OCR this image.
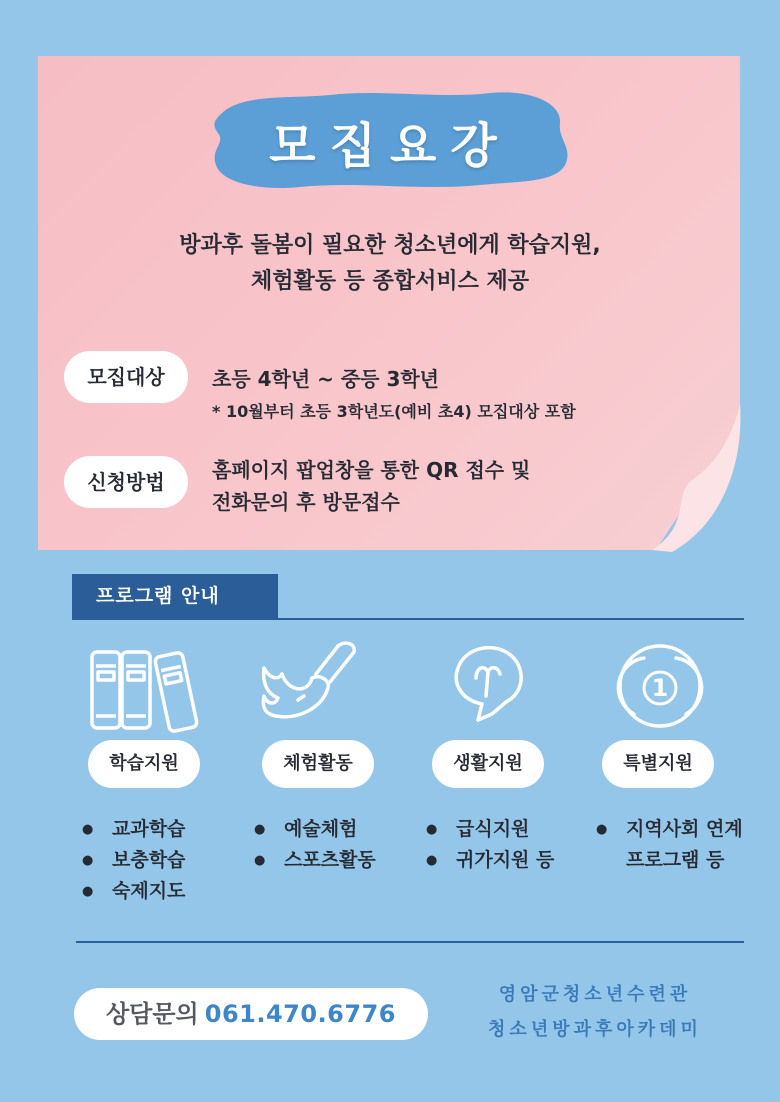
모집요강
방과후 돌봄이 필요한 청소년에게 학습지원,
체험활동 등 종합서비스 제공
모집대상	초등 4학년 ~ 중등 3학년
* 10월부터 초등 3학년도(예비 초4) 모집대상 포함
신청방법	홈페이지 팝업창을 통한 QR 접수 및
전화문의 후 방문접수
프로그램 안내
1
학습지원	체험활동	생활지원	특별지원
● 교과학습
● 보충학습
● 숙제지도
● 예술체험
● 스포츠활동
● 급식지원
● 귀가지원 등
● 지역사회 연계
프로그램 등
상담문의 061.470.6776
영암군청소년수련관
청소년방과후아카데미
